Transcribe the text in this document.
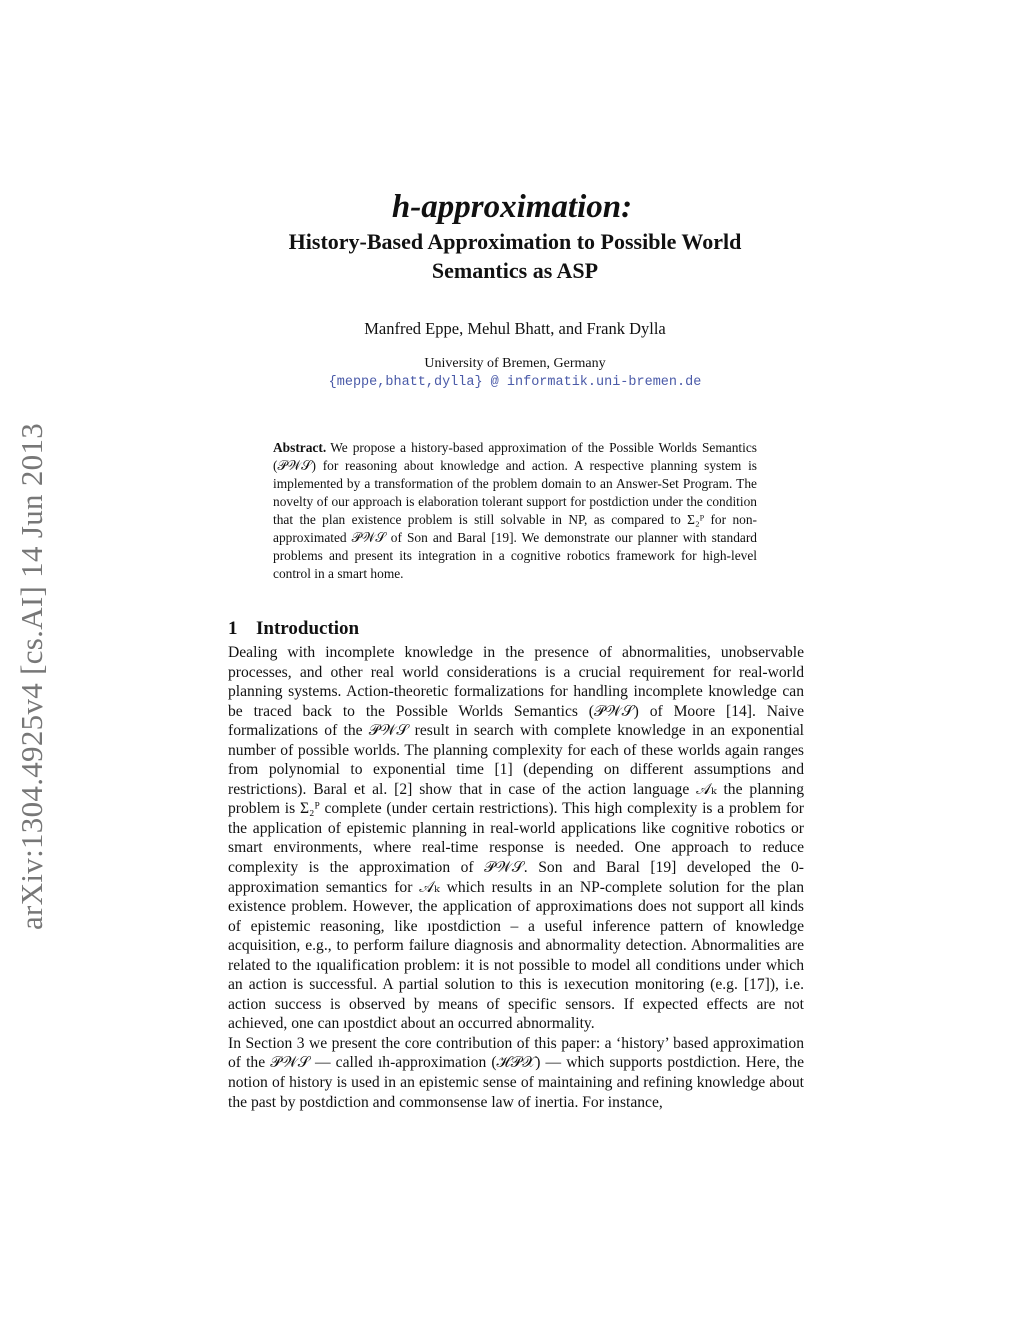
arXiv:1304.4925v4 [cs.AI] 14 Jun 2013
h-approximation:
History-Based Approximation to Possible World Semantics as ASP
Manfred Eppe, Mehul Bhatt, and Frank Dylla
University of Bremen, Germany
{meppe,bhatt,dylla} @ informatik.uni-bremen.de
Abstract. We propose a history-based approximation of the Possible Worlds Semantics (𝒫𝒲𝒮) for reasoning about knowledge and action. A respective planning system is implemented by a transformation of the problem domain to an Answer-Set Program. The novelty of our approach is elaboration tolerant support for postdiction under the condition that the plan existence problem is still solvable in NP, as compared to Σ₂ᴾ for non-approximated 𝒫𝒲𝒮 of Son and Baral [19]. We demonstrate our planner with standard problems and present its integration in a cognitive robotics framework for high-level control in a smart home.
1 Introduction

Dealing with incomplete knowledge in the presence of abnormalities, unobservable processes, and other real world considerations is a crucial requirement for real-world planning systems. Action-theoretic formalizations for handling incomplete knowledge can be traced back to the Possible Worlds Semantics (𝒫𝒲𝒮) of Moore [14]. Naive formalizations of the 𝒫𝒲𝒮 result in search with complete knowledge in an exponential number of possible worlds. The planning complexity for each of these worlds again ranges from polynomial to exponential time [1] (depending on different assumptions and restrictions). Baral et al. [2] show that in case of the action language 𝒜ₖ the planning problem is Σ₂ᴾ complete (under certain restrictions). This high complexity is a problem for the application of epistemic planning in real-world applications like cognitive robotics or smart environments, where real-time response is needed. One approach to reduce complexity is the approximation of 𝒫𝒲𝒮. Son and Baral [19] developed the 0-approximation semantics for 𝒜ₖ which results in an NP-complete solution for the plan existence problem. However, the application of approximations does not support all kinds of epistemic reasoning, like ıpostdiction – a useful inference pattern of knowledge acquisition, e.g., to perform failure diagnosis and abnormality detection. Abnormalities are related to the ıqualification problem: it is not possible to model all conditions under which an action is successful. A partial solution to this is ıexecution monitoring (e.g. [17]), i.e. action success is observed by means of specific sensors. If expected effects are not achieved, one can ıpostdict about an occurred abnormality.

In Section 3 we present the core contribution of this paper: a ‘history’ based approximation of the 𝒫𝒲𝒮 — called ıh-approximation (ℋ𝒫𝒳) — which supports postdiction. Here, the notion of history is used in an epistemic sense of maintaining and refining knowledge about the past by postdiction and commonsense law of inertia. For instance,
